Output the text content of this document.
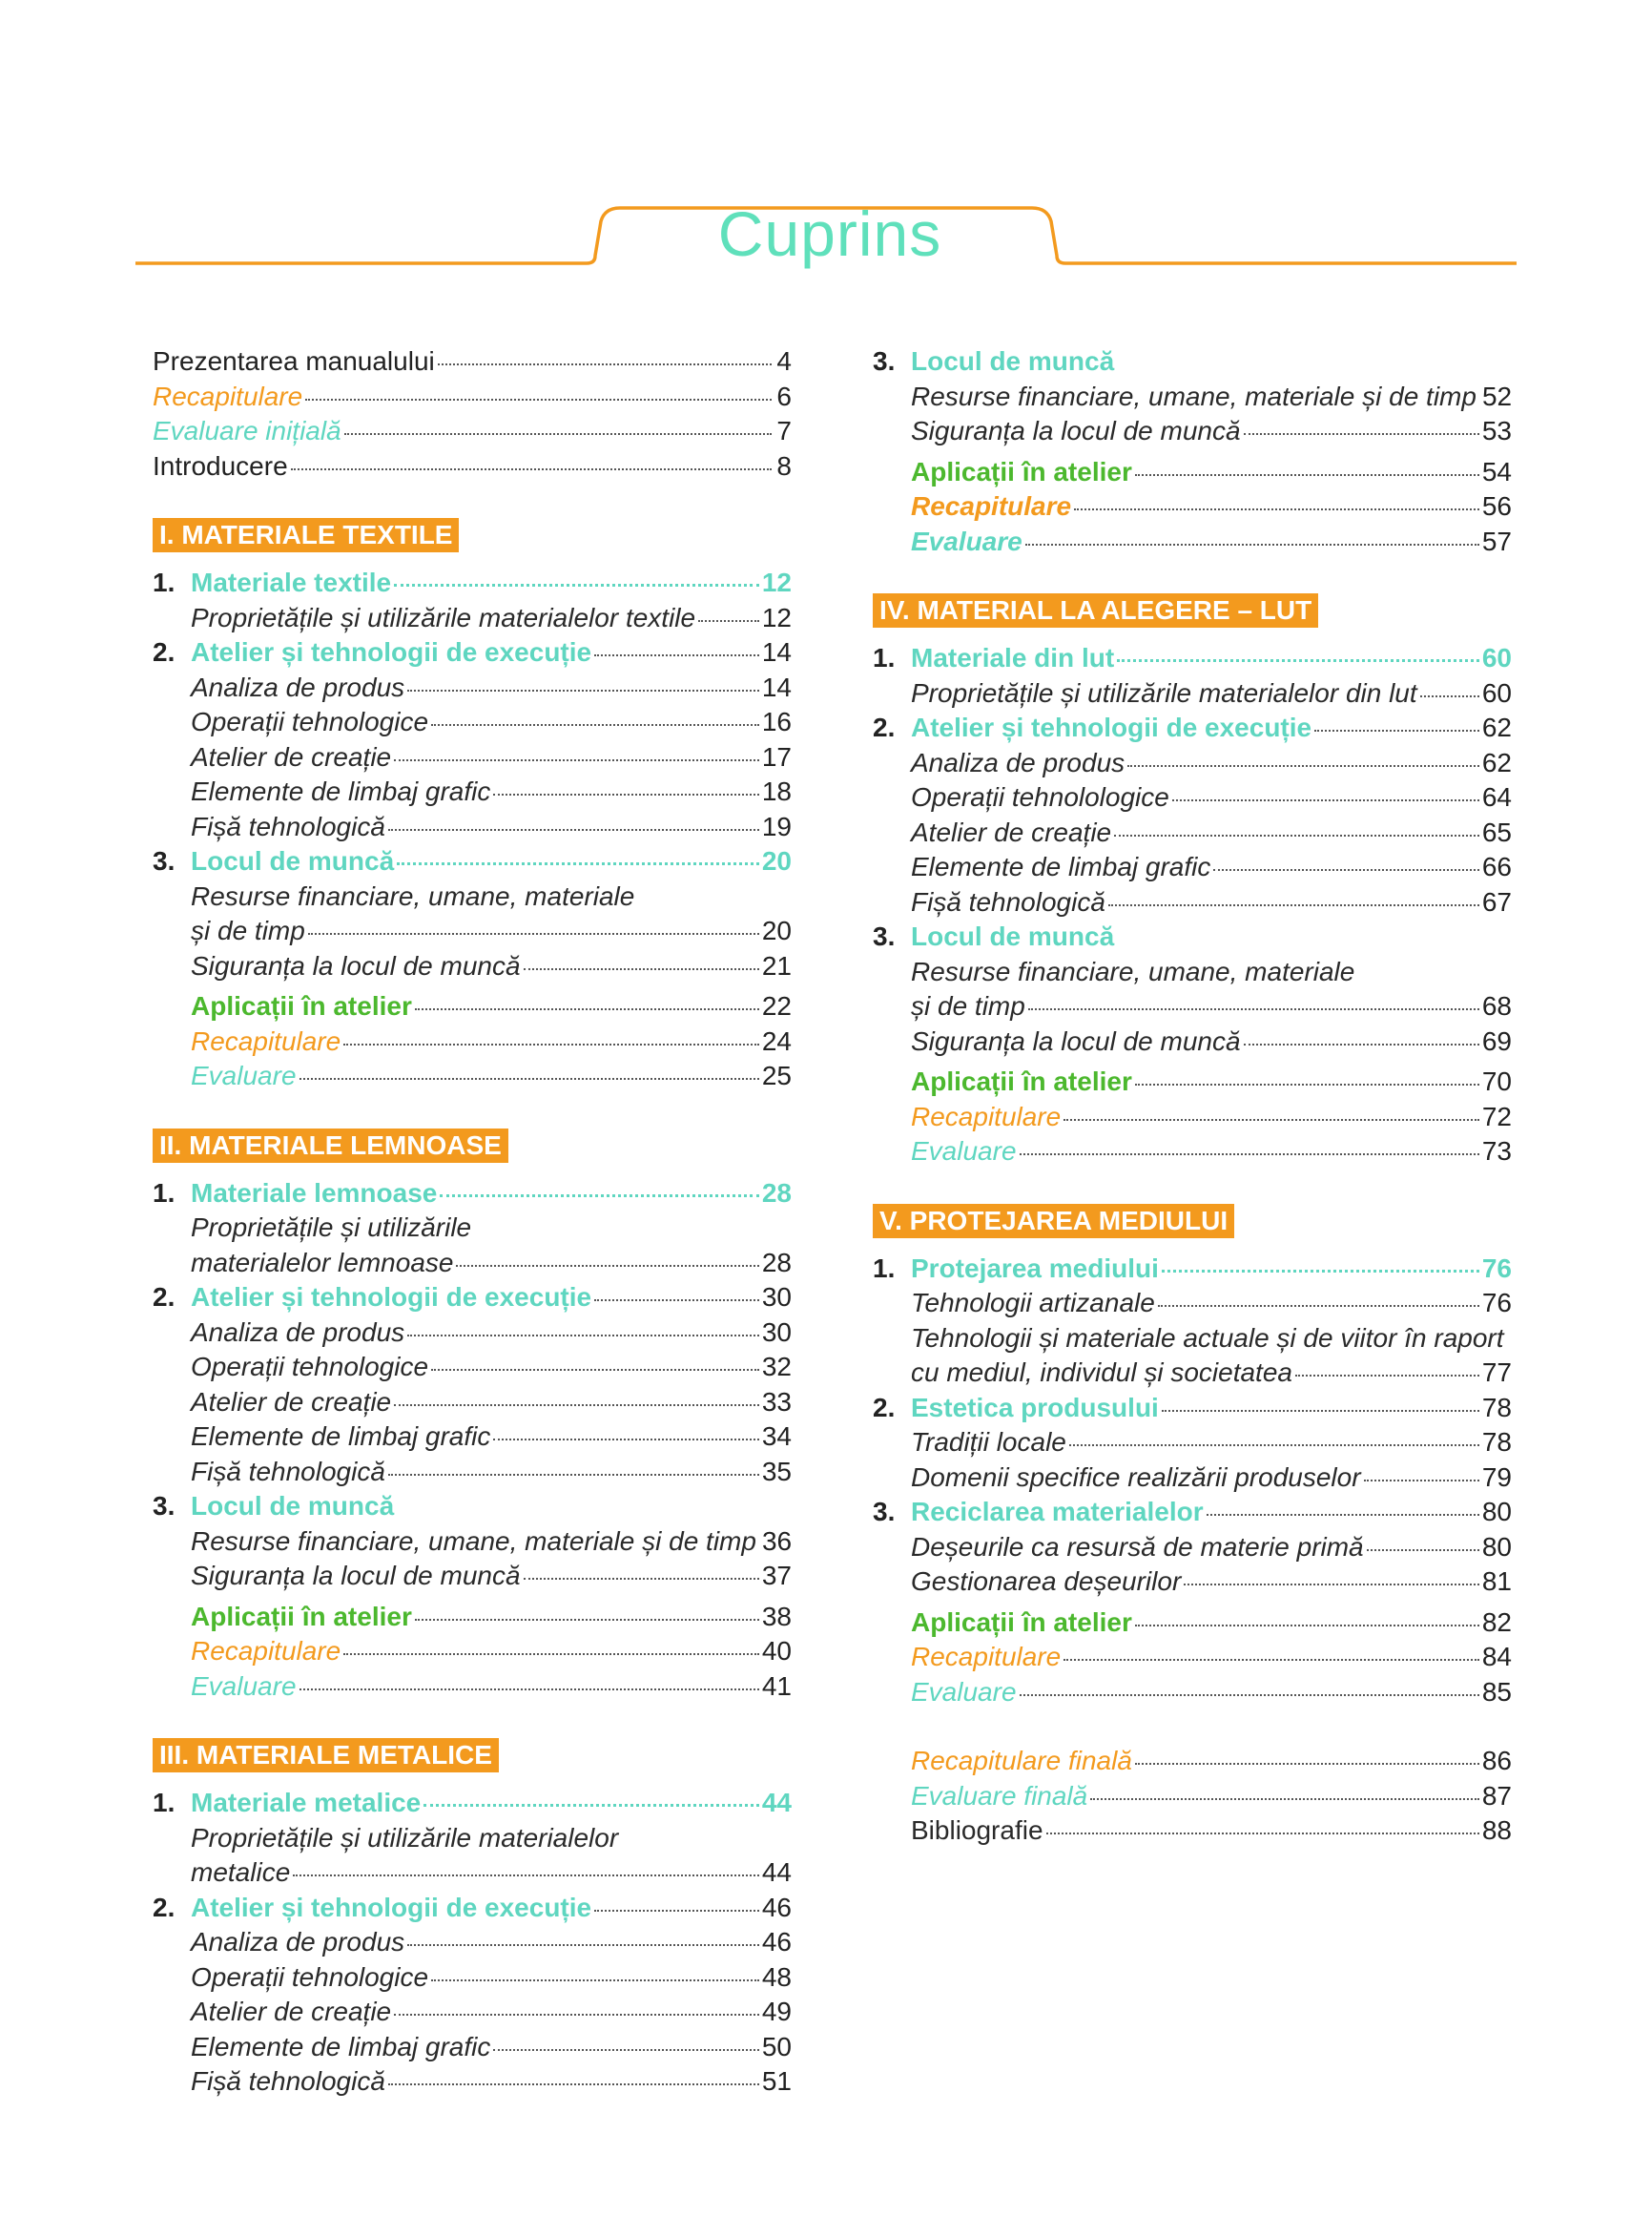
Cuprins
Prezentarea manualului	4
Recapitulare	6
Evaluare inițială	7
Introducere	8
I. MATERIALE TEXTILE
1. Materiale textile	12
Proprietățile și utilizările materialelor textile 12
2. Atelier și tehnologii de execuție	14
Analiza de produs	14
Operații tehnologice	16
Atelier de creație	17
Elemente de limbaj grafic	18
Fișă tehnologică	19
3. Locul de muncă	20
Resurse financiare, umane, materiale
și de timp	20
Siguranța la locul de muncă	21
Aplicații în atelier	22
Recapitulare	24
Evaluare	25
II. MATERIALE LEMNOASE
1. Materiale lemnoase	28
Proprietățile și utilizările
materialelor lemnoase	28
2. Atelier și tehnologii de execuție	30
Analiza de produs	30
Operații tehnologice	32
Atelier de creație	33
Elemente de limbaj grafic	34
Fișă tehnologică	35
3. Locul de muncă
Resurse financiare, umane, materiale și de timp 36
Siguranța la locul de muncă	37
Aplicații în atelier	38
Recapitulare	40
Evaluare	41
III. MATERIALE METALICE
1. Materiale metalice	44
Proprietățile și utilizările materialelor
metalice	44
2. Atelier și tehnologii de execuție	46
Analiza de produs	46
Operații tehnologice	48
Atelier de creație	49
Elemente de limbaj grafic	50
Fișă tehnologică	51
3. Locul de muncă
Resurse financiare, umane, materiale și de timp 52
Siguranța la locul de muncă	53
Aplicații în atelier	54
Recapitulare	56
Evaluare	57
IV. MATERIAL LA ALEGERE – LUT
1. Materiale din lut	60
Proprietățile și utilizările materialelor din lut 60
2. Atelier și tehnologii de execuție	62
Analiza de produs	62
Operații tehnolologice	64
Atelier de creație	65
Elemente de limbaj grafic	66
Fișă tehnologică	67
3. Locul de muncă
Resurse financiare, umane, materiale
și de timp	68
Siguranța la locul de muncă	69
Aplicații în atelier	70
Recapitulare	72
Evaluare	73
V. PROTEJAREA MEDIULUI
1. Protejarea mediului	76
Tehnologii artizanale	76
Tehnologii și materiale actuale și de viitor în raport
cu mediul, individul și societatea	77
2. Estetica produsului	78
Tradiții locale	78
Domenii specifice realizării produselor	79
3. Reciclarea materialelor	80
Deșeurile ca resursă de materie primă	80
Gestionarea deșeurilor	81
Aplicații în atelier	82
Recapitulare	84
Evaluare	85
Recapitulare finală	86
Evaluare finală	87
Bibliografie	88
